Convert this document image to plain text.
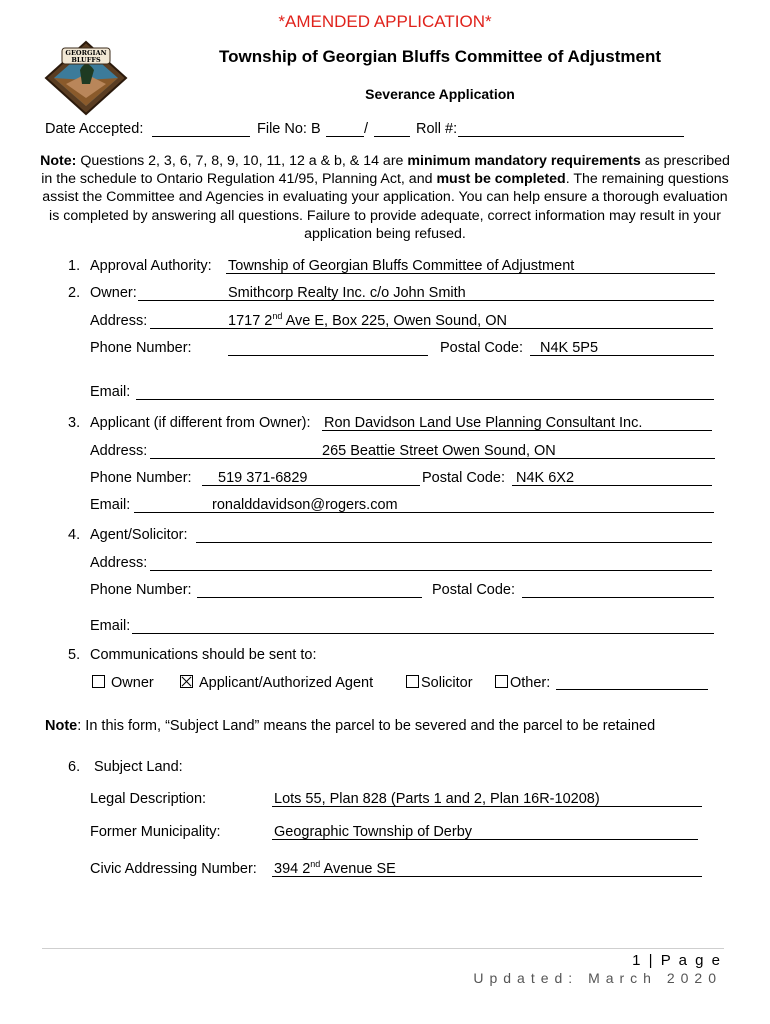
GEORGIAN BLUFFS
*AMENDED APPLICATION*
Township of Georgian Bluffs Committee of Adjustment
Severance Application
Date Accepted:	File No: B	/	Roll #:
Note: Questions 2, 3, 6, 7, 8, 9, 10, 11, 12 a & b, & 14 are minimum mandatory requirements as prescribed in the schedule to Ontario Regulation 41/95, Planning Act, and must be completed. The remaining questions assist the Committee and Agencies in evaluating your application. You can help ensure a thorough evaluation is completed by answering all questions. Failure to provide adequate, correct information may result in your application being refused.
1. Approval Authority: Township of Georgian Bluffs Committee of Adjustment
2. Owner:	Smithcorp Realty Inc. c/o John Smith
Address:	1717 2nd Ave E, Box 225, Owen Sound, ON
Phone Number:	Postal Code: N4K 5P5
Email:
3. Applicant (if different from Owner): Ron Davidson Land Use Planning Consultant Inc.
Address:	265 Beattie Street Owen Sound, ON
Phone Number: 519 371-6829	Postal Code: N4K 6X2
Email:	ronalddavidson@rogers.com
4. Agent/Solicitor:
Address:
Phone Number:	Postal Code:
Email:
5. Communications should be sent to:
Owner	Applicant/Authorized Agent	Solicitor	Other:
Note: In this form, “Subject Land” means the parcel to be severed and the parcel to be retained
6. Subject Land:
Legal Description:	Lots 55, Plan 828 (Parts 1 and 2, Plan 16R-10208)
Former Municipality:	Geographic Township of Derby
Civic Addressing Number: 394 2nd Avenue SE
1 | P a g e
Updated: March 2020
